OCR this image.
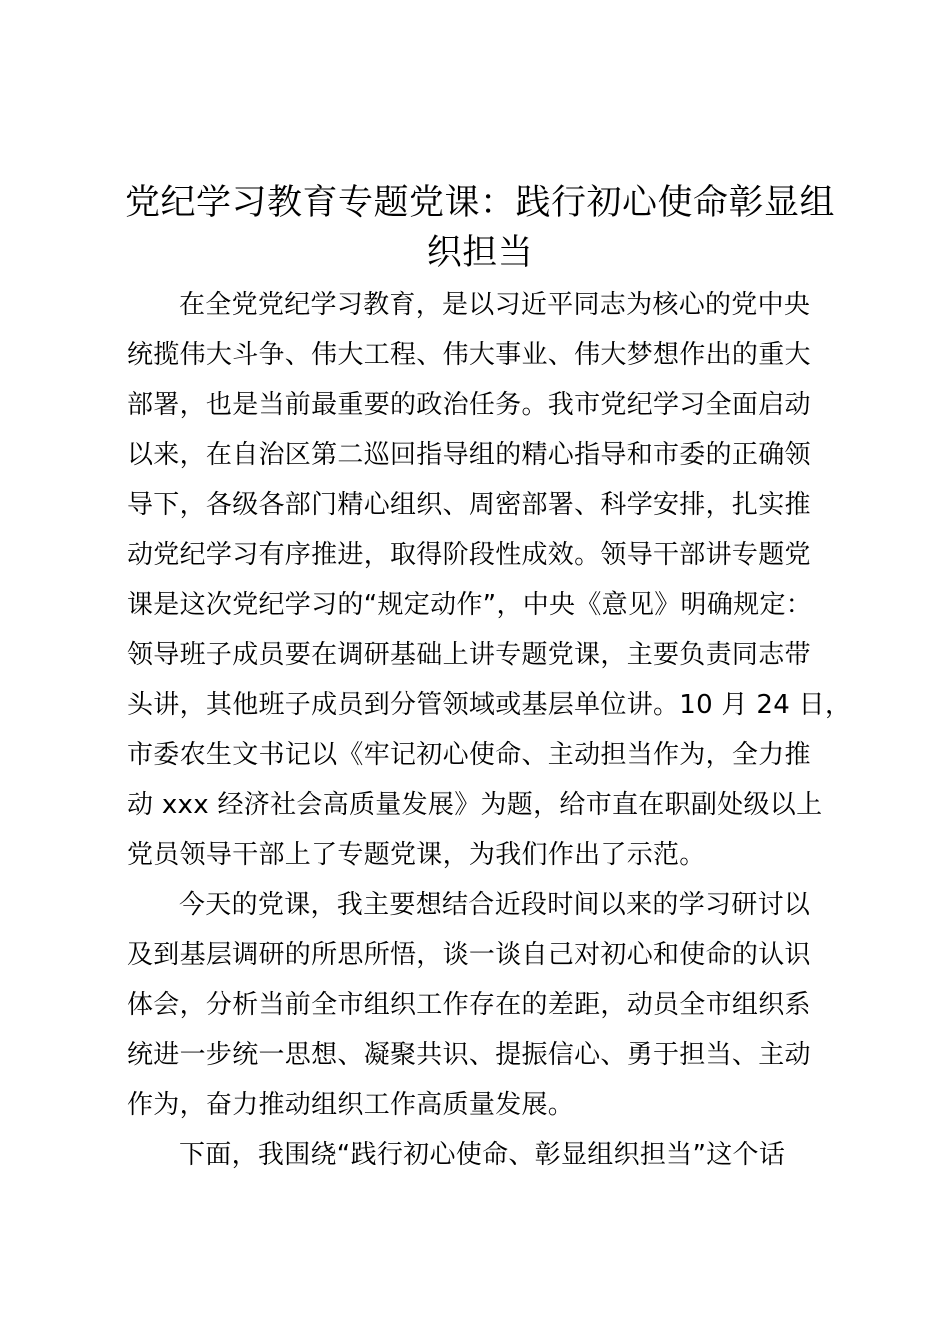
党纪学习教育专题党课：践行初心使命彰显组
织担当
在全党党纪学习教育，是以习近平同志为核心的党中央
统揽伟大斗争、伟大工程、伟大事业、伟大梦想作出的重大
部署，也是当前最重要的政治任务。我市党纪学习全面启动
以来，在自治区第二巡回指导组的精心指导和市委的正确领
导下，各级各部门精心组织、周密部署、科学安排，扎实推
动党纪学习有序推进，取得阶段性成效。领导干部讲专题党
课是这次党纪学习的“规定动作”，中央《意见》明确规定：
领导班子成员要在调研基础上讲专题党课，主要负责同志带
头讲，其他班子成员到分管领域或基层单位讲。10 月 24 日，
市委农生文书记以《牢记初心使命、主动担当作为，全力推
动 xxx 经济社会高质量发展》为题，给市直在职副处级以上
党员领导干部上了专题党课，为我们作出了示范。
今天的党课，我主要想结合近段时间以来的学习研讨以
及到基层调研的所思所悟，谈一谈自己对初心和使命的认识
体会，分析当前全市组织工作存在的差距，动员全市组织系
统进一步统一思想、凝聚共识、提振信心、勇于担当、主动
作为，奋力推动组织工作高质量发展。
下面，我围绕“践行初心使命、彰显组织担当”这个话
